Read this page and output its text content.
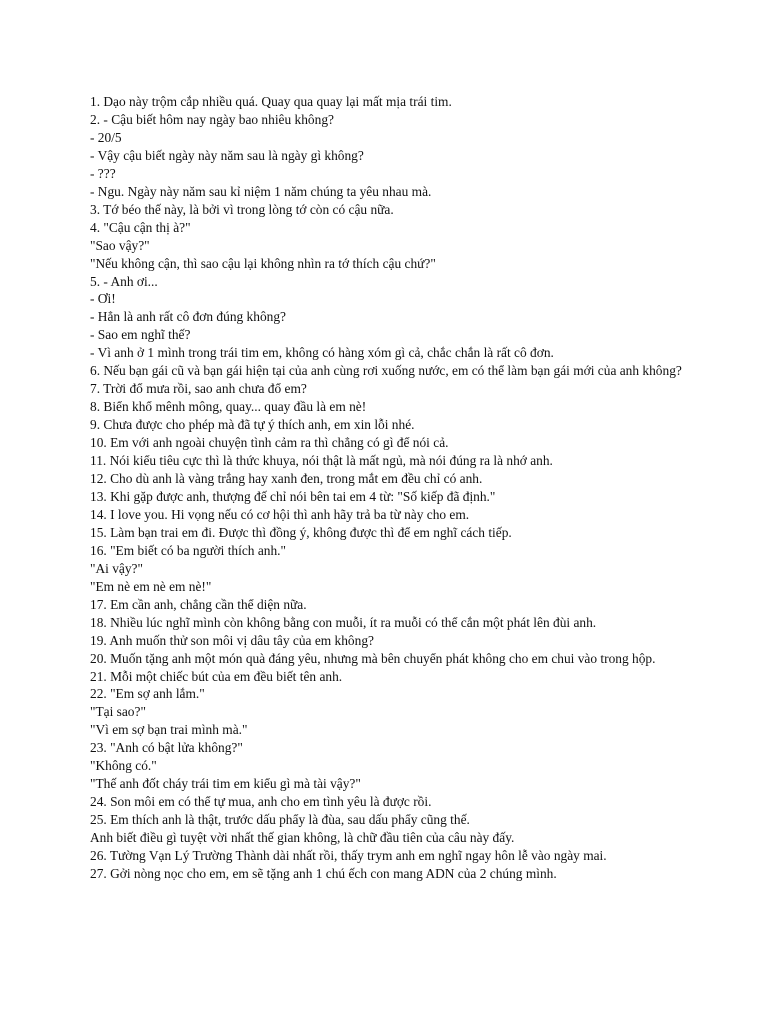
1. Dạo này trộm cắp nhiều quá. Quay qua quay lại mất mịa trái tim.
2. - Cậu biết hôm nay ngày bao nhiêu không?
- 20/5
- Vậy cậu biết ngày này năm sau là ngày gì không?
- ???
- Ngu. Ngày này năm sau kỉ niệm 1 năm chúng ta yêu nhau mà.
3. Tớ béo thế này, là bởi vì trong lòng tớ còn có cậu nữa.
4. "Cậu cận thị à?"
"Sao vậy?"
"Nếu không cận, thì sao cậu lại không nhìn ra tớ thích cậu chứ?"
5. - Anh ơi...
- Ơi!
- Hẳn là anh rất cô đơn đúng không?
- Sao em nghĩ thế?
- Vì anh ở 1 mình trong trái tim em, không có hàng xóm gì cả, chắc chắn là rất cô đơn.
6. Nếu bạn gái cũ và bạn gái hiện tại của anh cùng rơi xuống nước, em có thể làm bạn gái mới của anh không?
7. Trời đổ mưa rồi, sao anh chưa đổ em?
8. Biển khổ mênh mông, quay... quay đầu là em nè!
9. Chưa được cho phép mà đã tự ý thích anh, em xin lỗi nhé.
10. Em với anh ngoài chuyện tình cảm ra thì chẳng có gì để nói cả.
11. Nói kiểu tiêu cực thì là thức khuya, nói thật là mất ngủ, mà nói đúng ra là nhớ anh.
12. Cho dù anh là vàng trắng hay xanh đen, trong mắt em đều chỉ có anh.
13. Khi gặp được anh, thượng đế chỉ nói bên tai em 4 từ: "Số kiếp đã định."
14. I love you. Hi vọng nếu có cơ hội thì anh hãy trả ba từ này cho em.
15. Làm bạn trai em đi. Được thì đồng ý, không được thì để em nghĩ cách tiếp.
16. "Em biết có ba người thích anh."
"Ai vậy?"
"Em nè em nè em nè!"
17. Em cần anh, chẳng cần thể diện nữa.
18. Nhiều lúc nghĩ mình còn không bằng con muỗi, ít ra muỗi có thể cắn một phát lên đùi anh.
19. Anh muốn thử son môi vị dâu tây của em không?
20. Muốn tặng anh một món quà đáng yêu, nhưng mà bên chuyển phát không cho em chui vào trong hộp.
21. Mỗi một chiếc bút của em đều biết tên anh.
22. "Em sợ anh lắm."
"Tại sao?"
"Vì em sợ bạn trai mình mà."
23. "Anh có bật lửa không?"
"Không có."
"Thế anh đốt cháy trái tim em kiểu gì mà tài vậy?"
24. Son môi em có thể tự mua, anh cho em tình yêu là được rồi.
25. Em thích anh là thật, trước dấu phẩy là đùa, sau dấu phẩy cũng thế.
Anh biết điều gì tuyệt vời nhất thế gian không, là chữ đầu tiên của câu này đấy.
26. Tường Vạn Lý Trường Thành dài nhất rồi, thấy trym anh em nghĩ ngay hôn lễ vào ngày mai.
27. Gởi nòng nọc cho em, em sẽ tặng anh 1 chú ếch con mang ADN của 2 chúng mình.
